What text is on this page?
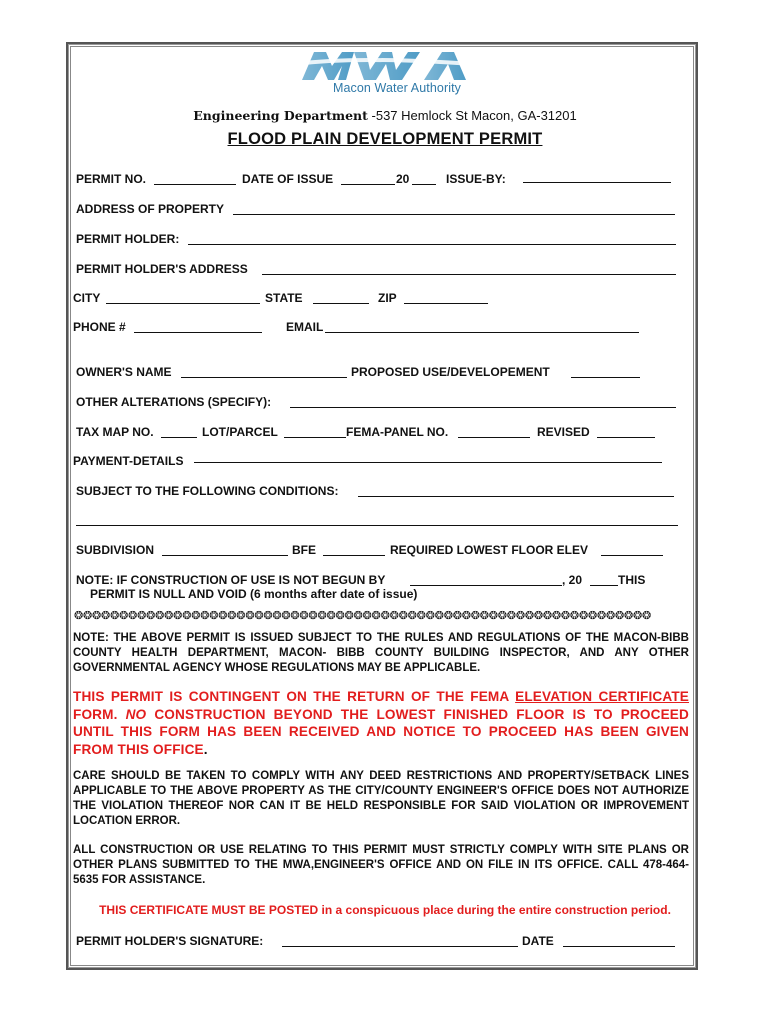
Macon Water Authority
Engineering Department -537 Hemlock St Macon, GA-31201
FLOOD PLAIN DEVELOPMENT PERMIT
PERMIT NO.	DATE OF ISSUE	20	ISSUE-BY:
ADDRESS OF PROPERTY
PERMIT HOLDER:
PERMIT HOLDER'S ADDRESS
CITY	STATE	ZIP
PHONE #	EMAIL
OWNER'S NAME	PROPOSED USE/DEVELOPEMENT
OTHER ALTERATIONS (SPECIFY):
TAX MAP NO.	LOT/PARCEL	FEMA-PANEL NO.	REVISED
PAYMENT-DETAILS
SUBJECT TO THE FOLLOWING CONDITIONS:
SUBDIVISION	BFE	REQUIRED LOWEST FLOOR ELEV
NOTE: IF CONSTRUCTION OF USE IS NOT BEGUN BY	, 20	THIS
PERMIT IS NULL AND VOID (6 months after date of issue)
❂❂❂❂❂❂❂❂❂❂❂❂❂❂❂❂❂❂❂❂❂❂❂❂❂❂❂❂❂❂❂❂❂❂❂❂❂❂❂❂❂❂❂❂❂❂❂❂❂❂❂❂❂❂❂❂❂❂❂❂❂❂❂❂
NOTE: THE ABOVE PERMIT IS ISSUED SUBJECT TO THE RULES AND REGULATIONS OF THE MACON-BIBB COUNTY HEALTH DEPARTMENT, MACON- BIBB COUNTY BUILDING INSPECTOR, AND ANY OTHER GOVERNMENTAL AGENCY WHOSE REGULATIONS MAY BE APPLICABLE.
THIS PERMIT IS CONTINGENT ON THE RETURN OF THE FEMA ELEVATION CERTIFICATE FORM. NO CONSTRUCTION BEYOND THE LOWEST FINISHED FLOOR IS TO PROCEED UNTIL THIS FORM HAS BEEN RECEIVED AND NOTICE TO PROCEED HAS BEEN GIVEN FROM THIS OFFICE.
CARE SHOULD BE TAKEN TO COMPLY WITH ANY DEED RESTRICTIONS AND PROPERTY/SETBACK LINES APPLICABLE TO THE ABOVE PROPERTY AS THE CITY/COUNTY ENGINEER'S OFFICE DOES NOT AUTHORIZE THE VIOLATION THEREOF NOR CAN IT BE HELD RESPONSIBLE FOR SAID VIOLATION OR IMPROVEMENT LOCATION ERROR.
ALL CONSTRUCTION OR USE RELATING TO THIS PERMIT MUST STRICTLY COMPLY WITH SITE PLANS OR OTHER PLANS SUBMITTED TO THE MWA,ENGINEER'S OFFICE AND ON FILE IN ITS OFFICE. CALL 478-464-5635 FOR ASSISTANCE.
THIS CERTIFICATE MUST BE POSTED in a conspicuous place during the entire construction period.
PERMIT HOLDER'S SIGNATURE:	DATE
